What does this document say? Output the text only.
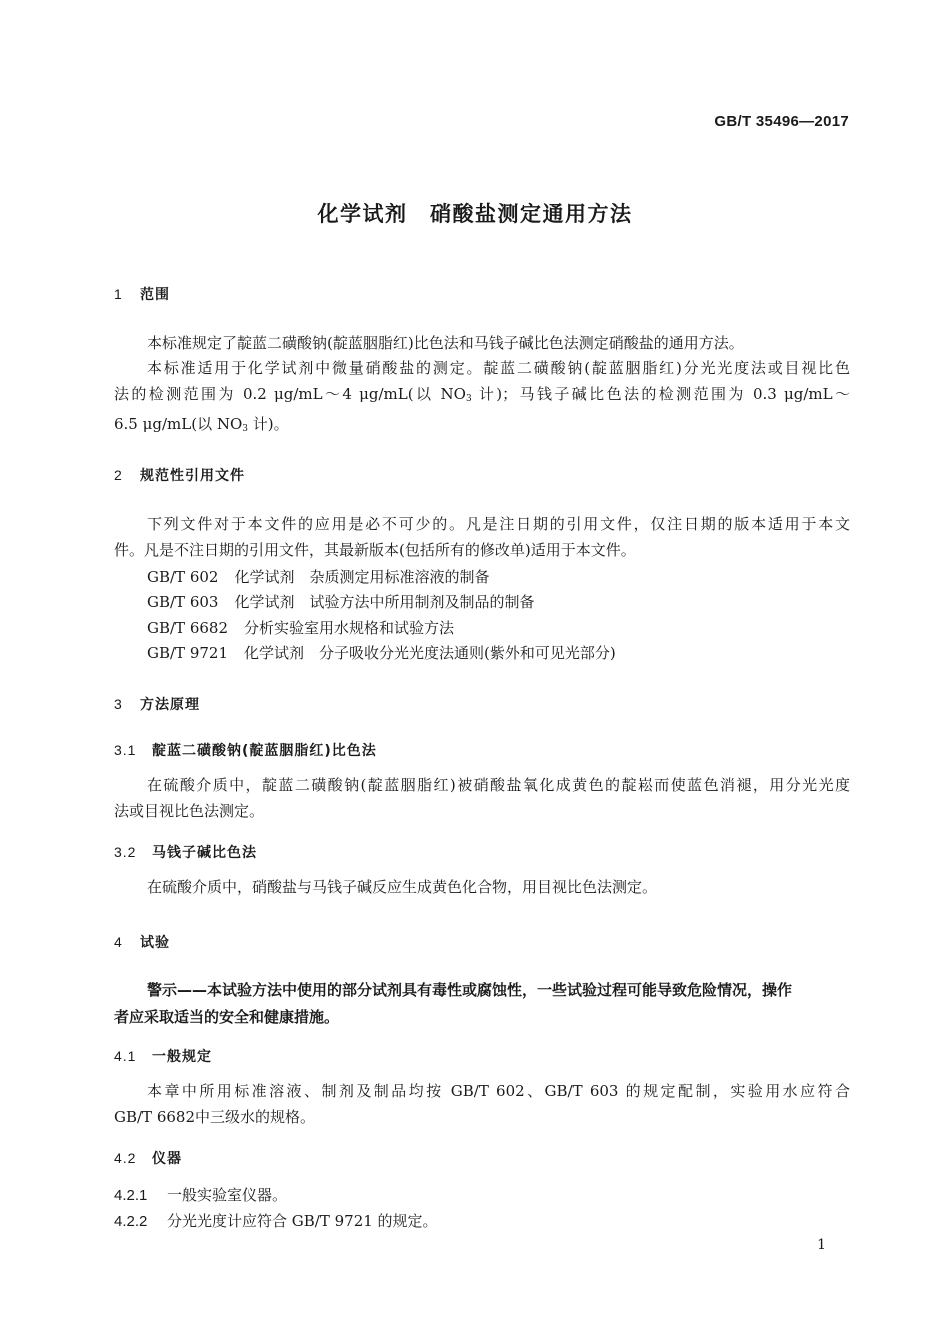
GB/T 35496—2017
化学试剂　硝酸盐测定通用方法
1 范围
本标准规定了靛蓝二磺酸钠(靛蓝胭脂红)比色法和马钱子碱比色法测定硝酸盐的通用方法。
本标准适用于化学试剂中微量硝酸盐的测定。靛蓝二磺酸钠(靛蓝胭脂红)分光光度法或目视比色
法的检测范围为 0.2 μg/mL～4 μg/mL(以 $NO_3$ 计)；马钱子碱比色法的检测范围为 0.3 μg/mL～
6.5 μg/mL(以 $NO_3$ 计)。
2 规范性引用文件
下列文件对于本文件的应用是必不可少的。凡是注日期的引用文件，仅注日期的版本适用于本文
件。凡是不注日期的引用文件，其最新版本(包括所有的修改单)适用于本文件。
GB/T 602 化学试剂　杂质测定用标准溶液的制备
GB/T 603 化学试剂　试验方法中所用制剂及制品的制备
GB/T 6682 分析实验室用水规格和试验方法
GB/T 9721 化学试剂　分子吸收分光光度法通则(紫外和可见光部分)
3 方法原理
3.1 靛蓝二磺酸钠(靛蓝胭脂红)比色法
在硫酸介质中，靛蓝二磺酸钠(靛蓝胭脂红)被硝酸盐氧化成黄色的靛崧而使蓝色消褪，用分光光度
法或目视比色法测定。
3.2 马钱子碱比色法
在硫酸介质中，硝酸盐与马钱子碱反应生成黄色化合物，用目视比色法测定。
4 试验
警示——本试验方法中使用的部分试剂具有毒性或腐蚀性，一些试验过程可能导致危险情况，操作
者应采取适当的安全和健康措施。
4.1 一般规定
本章中所用标准溶液、制剂及制品均按 GB/T 602、GB/T 603 的规定配制，实验用水应符合
GB/T 6682中三级水的规格。
4.2 仪器
4.2.1 一般实验室仪器。
4.2.2 分光光度计应符合 GB/T 9721 的规定。
1
